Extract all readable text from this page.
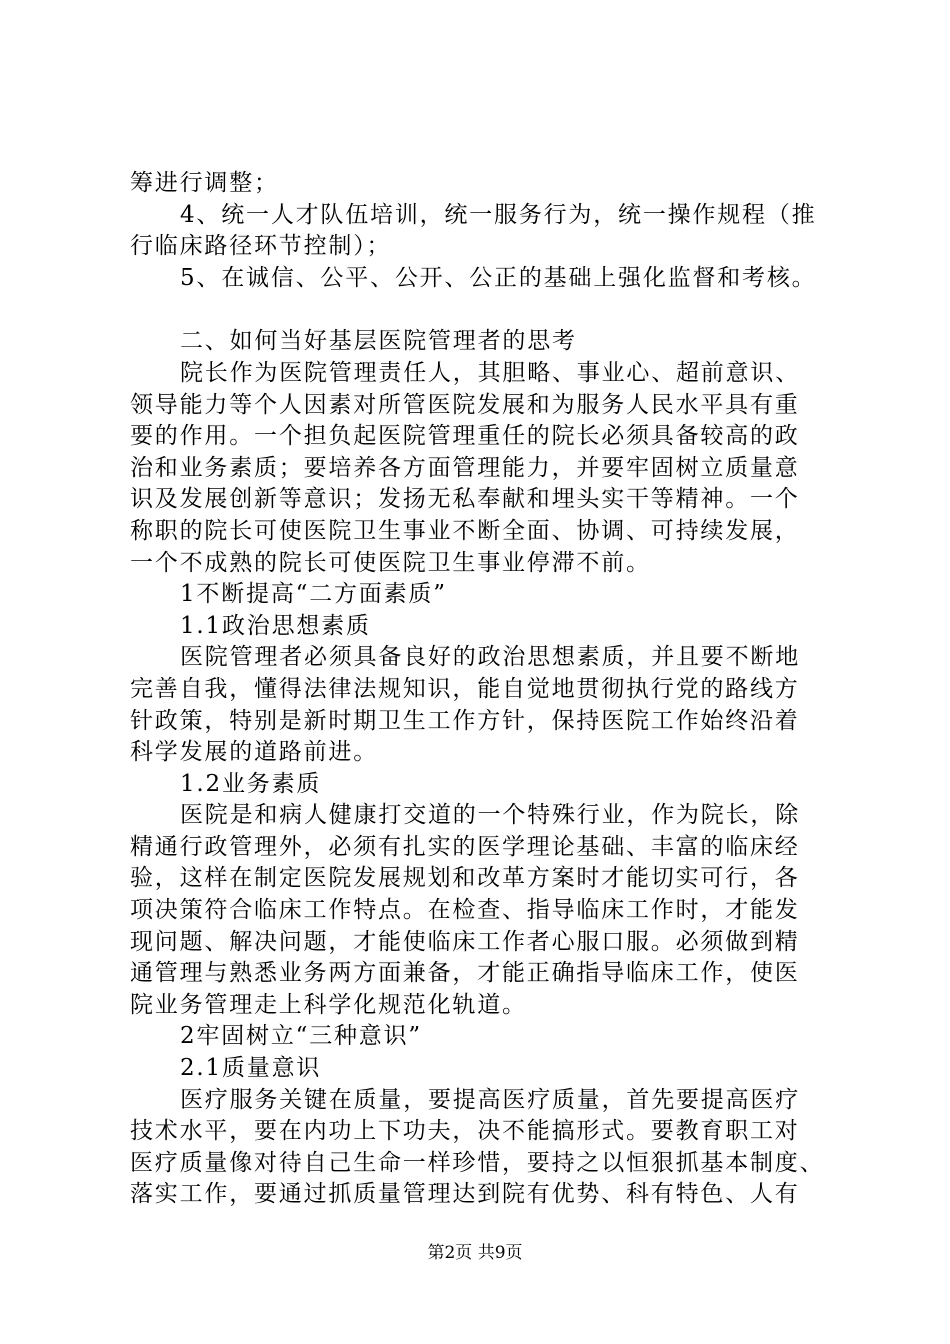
筹进行调整；
4、统一人才队伍培训，统一服务行为，统一操作规程（推
行临床路径环节控制）；
5、在诚信、公平、公开、公正的基础上强化监督和考核。
二、如何当好基层医院管理者的思考
院长作为医院管理责任人，其胆略、事业心、超前意识、
领导能力等个人因素对所管医院发展和为服务人民水平具有重
要的作用。一个担负起医院管理重任的院长必须具备较高的政
治和业务素质；要培养各方面管理能力，并要牢固树立质量意
识及发展创新等意识；发扬无私奉献和埋头实干等精神。一个
称职的院长可使医院卫生事业不断全面、协调、可持续发展，
一个不成熟的院长可使医院卫生事业停滞不前。
1不断提高“二方面素质”
1.1政治思想素质
医院管理者必须具备良好的政治思想素质，并且要不断地
完善自我，懂得法律法规知识，能自觉地贯彻执行党的路线方
针政策，特别是新时期卫生工作方针，保持医院工作始终沿着
科学发展的道路前进。
1.2业务素质
医院是和病人健康打交道的一个特殊行业，作为院长，除
精通行政管理外，必须有扎实的医学理论基础、丰富的临床经
验，这样在制定医院发展规划和改革方案时才能切实可行，各
项决策符合临床工作特点。在检查、指导临床工作时，才能发
现问题、解决问题，才能使临床工作者心服口服。必须做到精
通管理与熟悉业务两方面兼备，才能正确指导临床工作，使医
院业务管理走上科学化规范化轨道。
2牢固树立“三种意识”
2.1质量意识
医疗服务关键在质量，要提高医疗质量，首先要提高医疗
技术水平，要在内功上下功夫，决不能搞形式。要教育职工对
医疗质量像对待自己生命一样珍惜，要持之以恒狠抓基本制度、
落实工作，要通过抓质量管理达到院有优势、科有特色、人有
第2页 共9页
